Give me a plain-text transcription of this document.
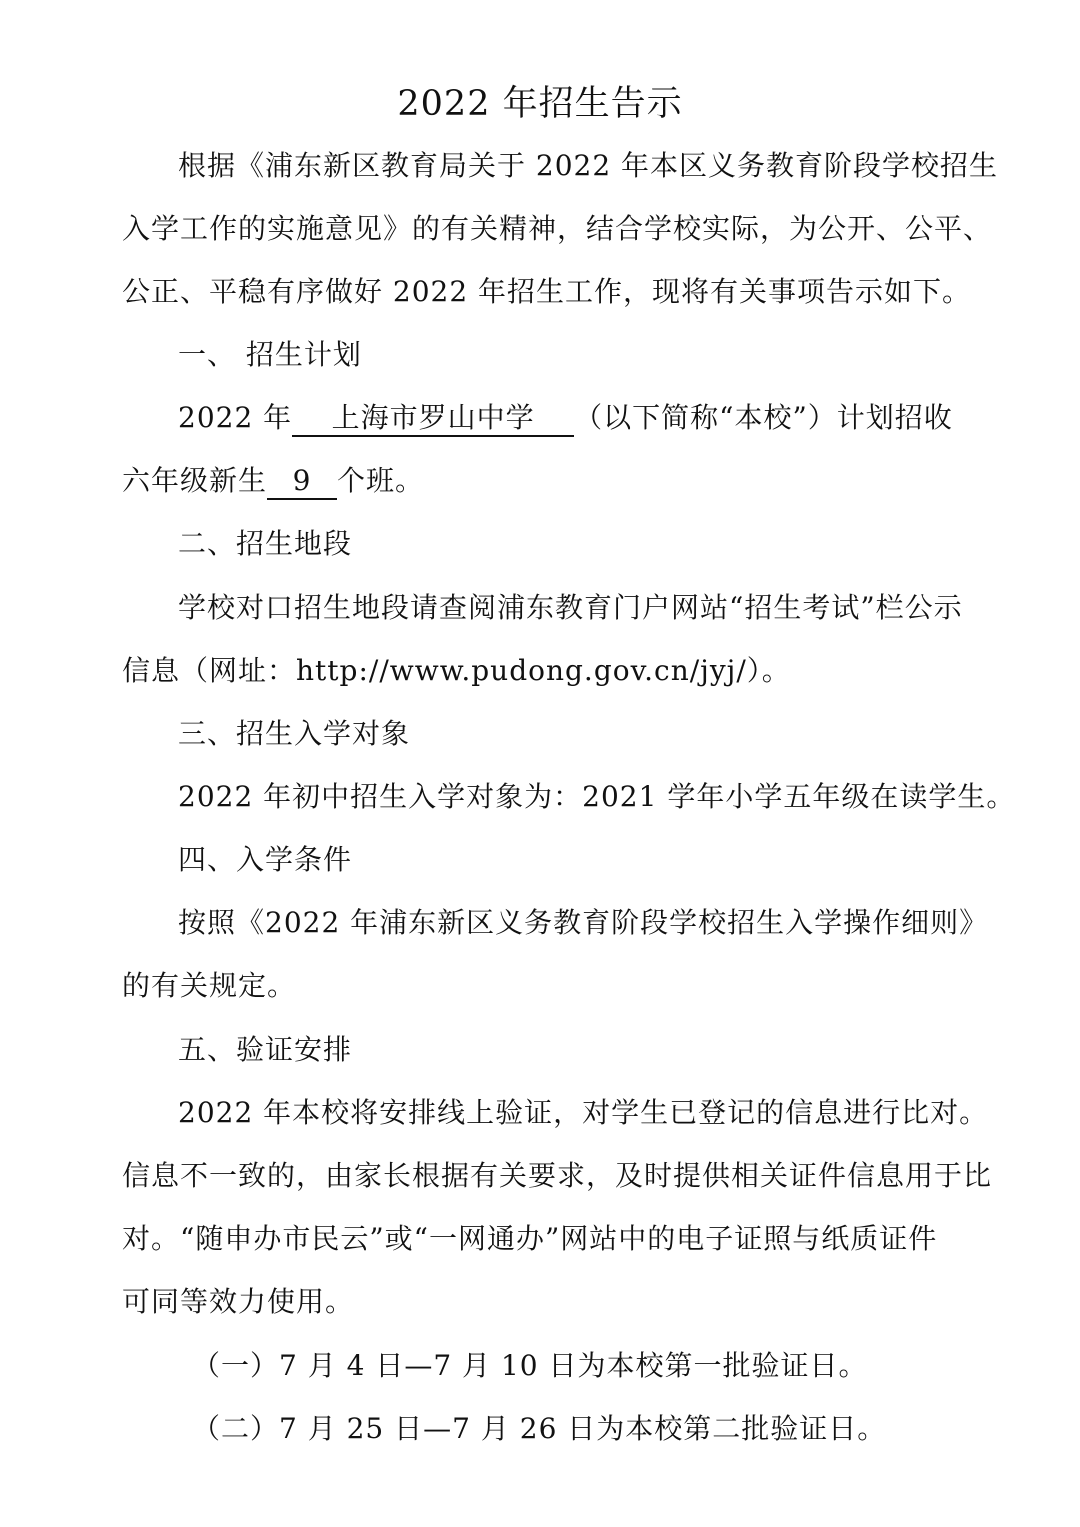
2022 年招生告示
根据《浦东新区教育局关于 2022 年本区义务教育阶段学校招生
入学工作的实施意见》的有关精神，结合学校实际，为公开、公平、
公正、平稳有序做好 2022 年招生工作，现将有关事项告示如下。
一、 招生计划
2022 年 上海市罗山中学 （以下简称“本校”）计划招收
六年级新生 9 个班。
二、招生地段
学校对口招生地段请查阅浦东教育门户网站“招生考试”栏公示
信息（网址：http://www.pudong.gov.cn/jyj/）。
三、招生入学对象
2022 年初中招生入学对象为：2021 学年小学五年级在读学生。
四、入学条件
按照《2022 年浦东新区义务教育阶段学校招生入学操作细则》
的有关规定。
五、验证安排
2022 年本校将安排线上验证，对学生已登记的信息进行比对。
信息不一致的，由家长根据有关要求，及时提供相关证件信息用于比
对。“随申办市民云”或“一网通办”网站中的电子证照与纸质证件
可同等效力使用。
（一）7 月 4 日—7 月 10 日为本校第一批验证日。
（二）7 月 25 日—7 月 26 日为本校第二批验证日。
